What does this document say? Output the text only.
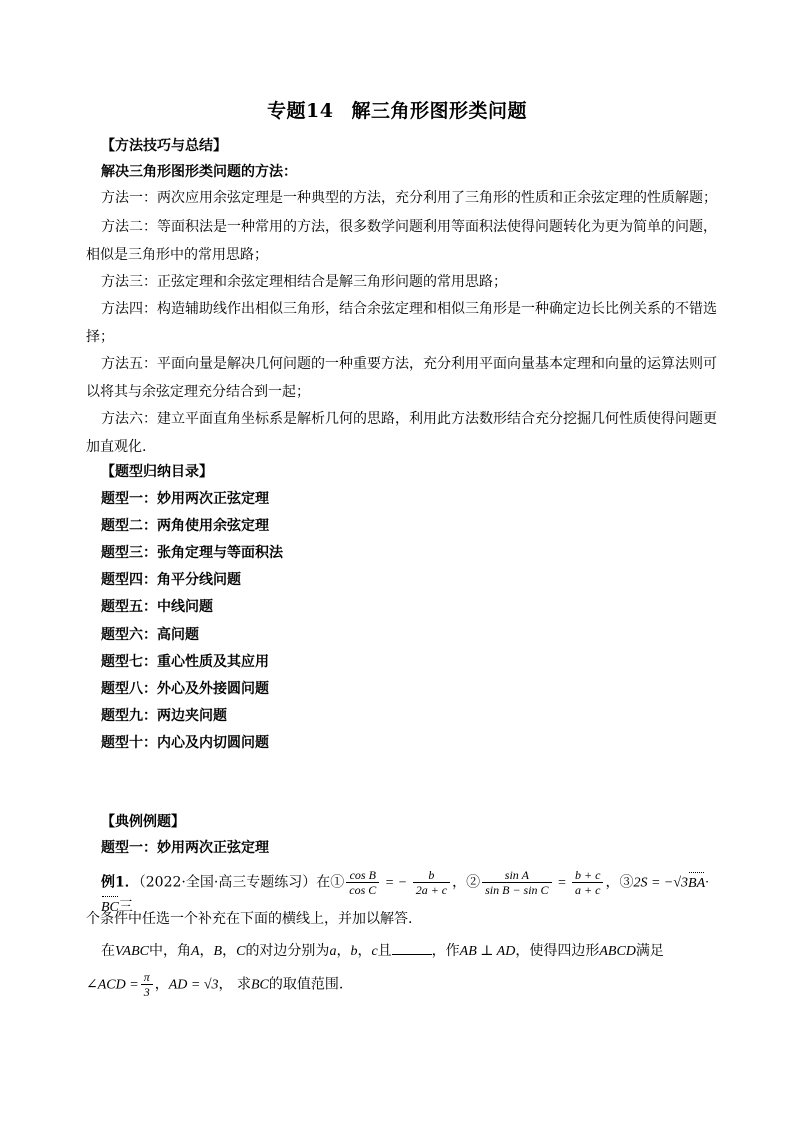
专题14 解三角形图形类问题
【方法技巧与总结】
解决三角形图形类问题的方法：
方法一：两次应用余弦定理是一种典型的方法，充分利用了三角形的性质和正余弦定理的性质解题；
方法二：等面积法是一种常用的方法，很多数学问题利用等面积法使得问题转化为更为简单的问题，相似是三角形中的常用思路；
方法三：正弦定理和余弦定理相结合是解三角形问题的常用思路；
方法四：构造辅助线作出相似三角形，结合余弦定理和相似三角形是一种确定边长比例关系的不错选择；
方法五：平面向量是解决几何问题的一种重要方法，充分利用平面向量基本定理和向量的运算法则可以将其与余弦定理充分结合到一起；
方法六：建立平面直角坐标系是解析几何的思路，利用此方法数形结合充分挖掘几何性质使得问题更加直观化.
【题型归纳目录】
题型一：妙用两次正弦定理
题型二：两角使用余弦定理
题型三：张角定理与等面积法
题型四：角平分线问题
题型五：中线问题
题型六：高问题
题型七：重心性质及其应用
题型八：外心及外接圆问题
题型九：两边夹问题
题型十：内心及内切圆问题
【典例例题】
题型一：妙用两次正弦定理
例1．（2022·全国·高三专题练习）在① $\frac{\text{cos B}}{\text{cos C}}$ = − $\frac{b}{2a + c}$ ，② $\frac{\text{sin A}}{\text{sin B − sin C}} = \frac{b + c}{a + c}$ ，③2S = −√3BA·BC三
个条件中任选一个补充在下面的横线上，并加以解答.
在VABC中，角A，B，C的对边分别为a，b，c且	，作AB ⊥ AD，使得四边形ABCD满足
∠ACD = $\frac{\pi}{3}$ ，AD = √3， 求BC的取值范围.
